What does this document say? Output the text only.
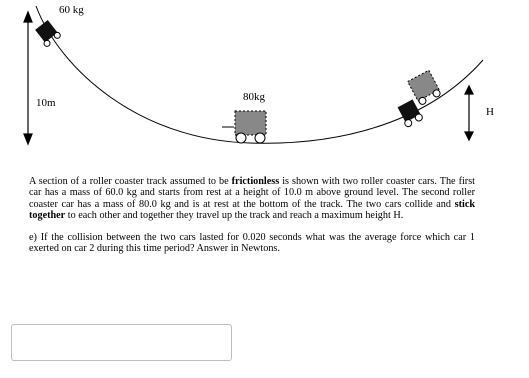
60 kg
10m	80kg
H

A section of a roller coaster track assumed to be frictionless is shown with two roller coaster cars. The first car has a mass of 60.0 kg and starts from rest at a height of 10.0 m above ground level. The second roller coaster car has a mass of 80.0 kg and is at rest at the bottom of the track. The two cars collide and stick together to each other and together they travel up the track and reach a maximum height H.

e) If the collision between the two cars lasted for 0.020 seconds what was the average force which car 1 exerted on car 2 during this time period? Answer in Newtons.
